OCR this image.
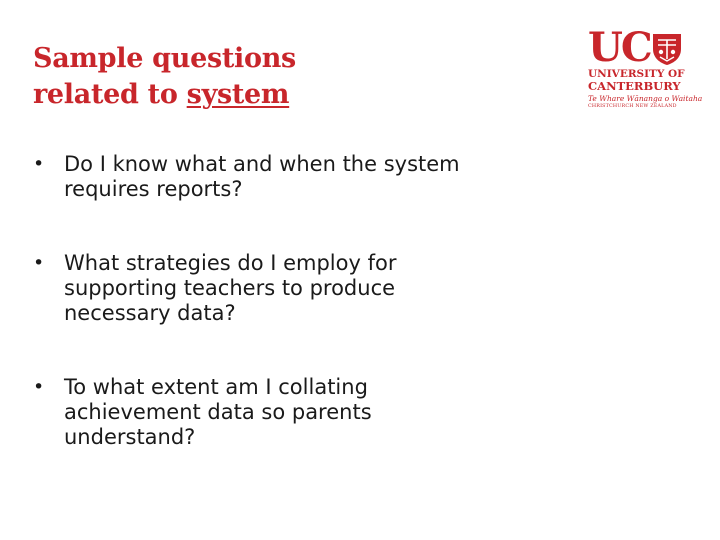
Sample questions
related to system
UC
UNIVERSITY OF
CANTERBURY
Te Whare Wānanga o Waitaha
CHRISTCHURCH NEW ZEALAND
• Do I know what and when the system
requires reports?
• What strategies do I employ for
supporting teachers to produce
necessary data?
• To what extent am I collating
achievement data so parents
understand?
